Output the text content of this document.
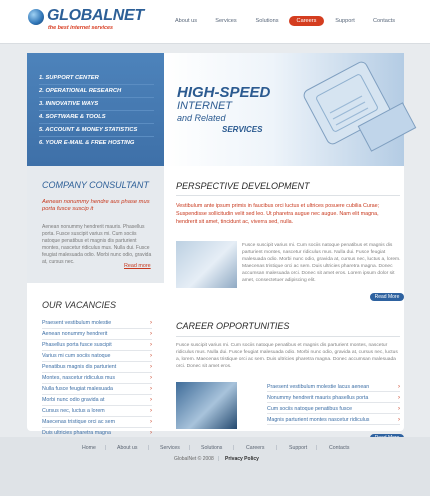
GLOBALNET
the best internet services
About us	Services	Solutions	Careers	Support	Contacts
1. SUPPORT CENTER
2. OPERATIONAL RESEARCH
3. INNOVATIVE WAYS
4. SOFTWARE & TOOLS
5. ACCOUNT & MONEY STATISTICS
6. YOUR E-MAIL & FREE HOSTING
HIGH-SPEED
INTERNET
and Related
SERVICES
COMPANY CONSULTANT
Aenean nonummy hendre aus phase mus porta fusce suscip it
Aenean nonummy hendrerit mauris. Phasellus porta. Fusce suscipit varius mi. Cum sociis natoque penatibus et magnis dis parturient montes, nascetur ridiculus mus. Nulla dui. Fusce feugiat malesuada odio. Morbi nunc odio, gravida at, cursus nec.
Read more
OUR VACANCIES
Praesent vestibulum molestie	›
Aenean nonummy hendrerit	›
Phasellus porta fusce suscipit	›
Varius mi cum sociis natoque	›
Penatibus magnis dis parturient	›
Montes, nascetur ridiculus mus	›
Nulla fusce feugiat malesuada	›
Morbi nunc odio gravida at	›
Cursus nec, luctus a lorem	›
Maecenas tristique orci ac sem	›
Duis ultricies pharetra magna	›
PERSPECTIVE DEVELOPMENT
Vestibulum ante ipsum primis in faucibus orci luctus et ultrices posuere cubilia Curae; Suspendisse sollicitudin velit sed leo. Ut pharetra augue nec augue. Nam elit magna, hendrerit sit amet, tincidunt ac, viverra sed, nulla.
Fusce suscipit varius mi. Cum sociis natoque penatibus et magnis dis parturient montes, nascetur ridiculus mus. Nulla dui. Fusce feugiat malesuada odio. Morbi nunc odio, gravida at, cursus nec, luctus a, lorem. Maecenas tristique orci ac sem. Duis ultricies pharetra magna. Donec accumsan malesuada orci. Donec sit amet eros. Lorem ipsum dolor sit amet, consectetuer adipiscing elit.
Read More
CAREER OPPORTUNITIES
Fusce suscipit varius mi. Cum sociis natoque penatibus et magnis dis parturient montes, nascetur ridiculus mus. Nulla dui. Fusce feugiat malesuada odio. Morbi nunc odio, gravida at, cursus nec, luctus a, lorem. Maecenas tristique orci ac sem. Duis ultricies pharetra magna. Donec accumsan malesuada orci. Donec sit amet eros.
Praesent vestibulum molestie lacus aenean	›
Nonummy hendrerit mauris phasellus porta	›
Cum sociis natoque penatibus fusce	›
Magnis parturient montes nascetur ridiculus	›
Home | About us | Services | Solutions | Careers | Support | Contacts
GlobalNet © 2008 | Privacy Policy
